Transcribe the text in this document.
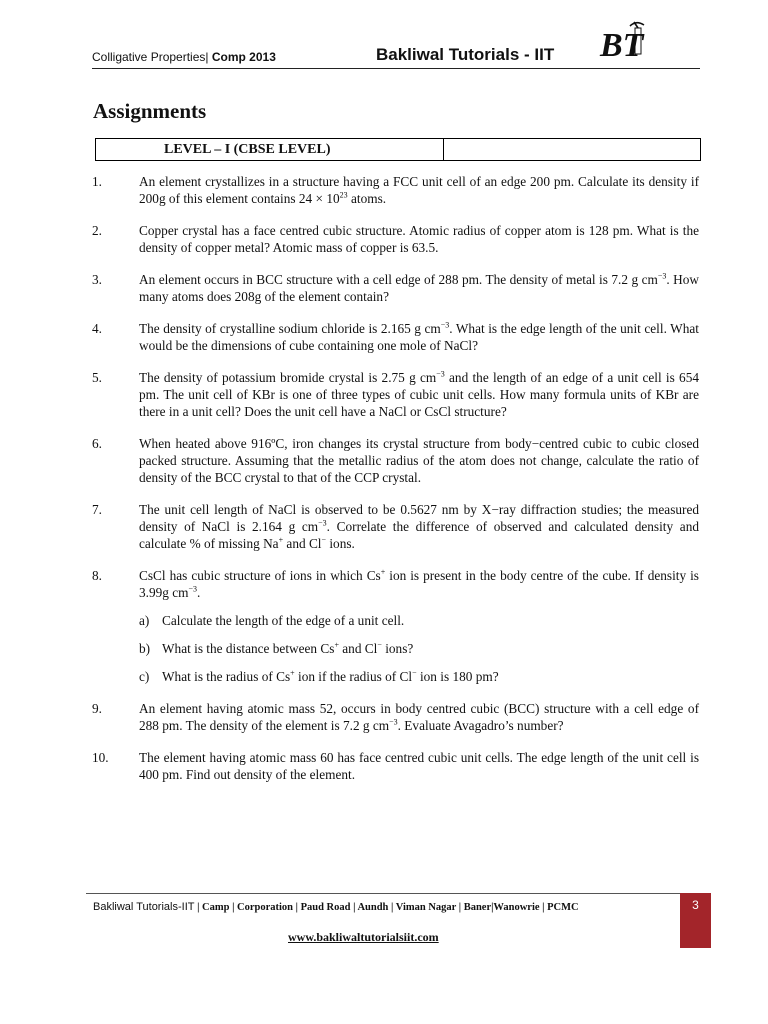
Colligative Properties| Comp 2013	Bakliwal Tutorials - IIT BT
Assignments
LEVEL – I (CBSE LEVEL)
1.	An element crystallizes in a structure having a FCC unit cell of an edge 200 pm. Calculate its density if 200g of this element contains $24 \times 10^{23}$ atoms.
2.	Copper crystal has a face centred cubic structure. Atomic radius of copper atom is 128 pm. What is the density of copper metal? Atomic mass of copper is 63.5.
3.	An element occurs in BCC structure with a cell edge of 288 pm. The density of metal is 7.2 g $cm^{-3}$. How many atoms does 208g of the element contain?
4.	The density of crystalline sodium chloride is 2.165 g $cm^{-3}$. What is the edge length of the unit cell. What would be the dimensions of cube containing one mole of NaCl?
5.	The density of potassium bromide crystal is 2.75 g $cm^{-3}$ and the length of an edge of a unit cell is 654 pm. The unit cell of KBr is one of three types of cubic unit cells. How many formula units of KBr are there in a unit cell? Does the unit cell have a NaCl or CsCl structure?
6.	When heated above 916ºC, iron changes its crystal structure from body−centred cubic to cubic closed packed structure. Assuming that the metallic radius of the atom does not change, calculate the ratio of density of the BCC crystal to that of the CCP crystal.
7.	The unit cell length of NaCl is observed to be 0.5627 nm by X−ray diffraction studies; the measured density of NaCl is 2.164 g $cm^{-3}$. Correlate the difference of observed and calculated density and calculate % of missing Na+ and Cl− ions.
8.	CsCl has cubic structure of ions in which Cs+ ion is present in the body centre of the cube. If density is 3.99g $cm^{-3}$.
a) Calculate the length of the edge of a unit cell.
b) What is the distance between Cs+ and Cl− ions?
c) What is the radius of Cs+ ion if the radius of Cl− ion is 180 pm?
9.	An element having atomic mass 52, occurs in body centred cubic (BCC) structure with a cell edge of 288 pm. The density of the element is 7.2 g $cm^{-3}$. Evaluate Avagadro’s number?
10.	The element having atomic mass 60 has face centred cubic unit cells. The edge length of the unit cell is 400 pm. Find out density of the element.
Bakliwal Tutorials-IIT | Camp | Corporation | Paud Road | Aundh | Viman Nagar | Baner|Wanowrie | PCMC
www.bakliwaltutorialsiit.com
3
